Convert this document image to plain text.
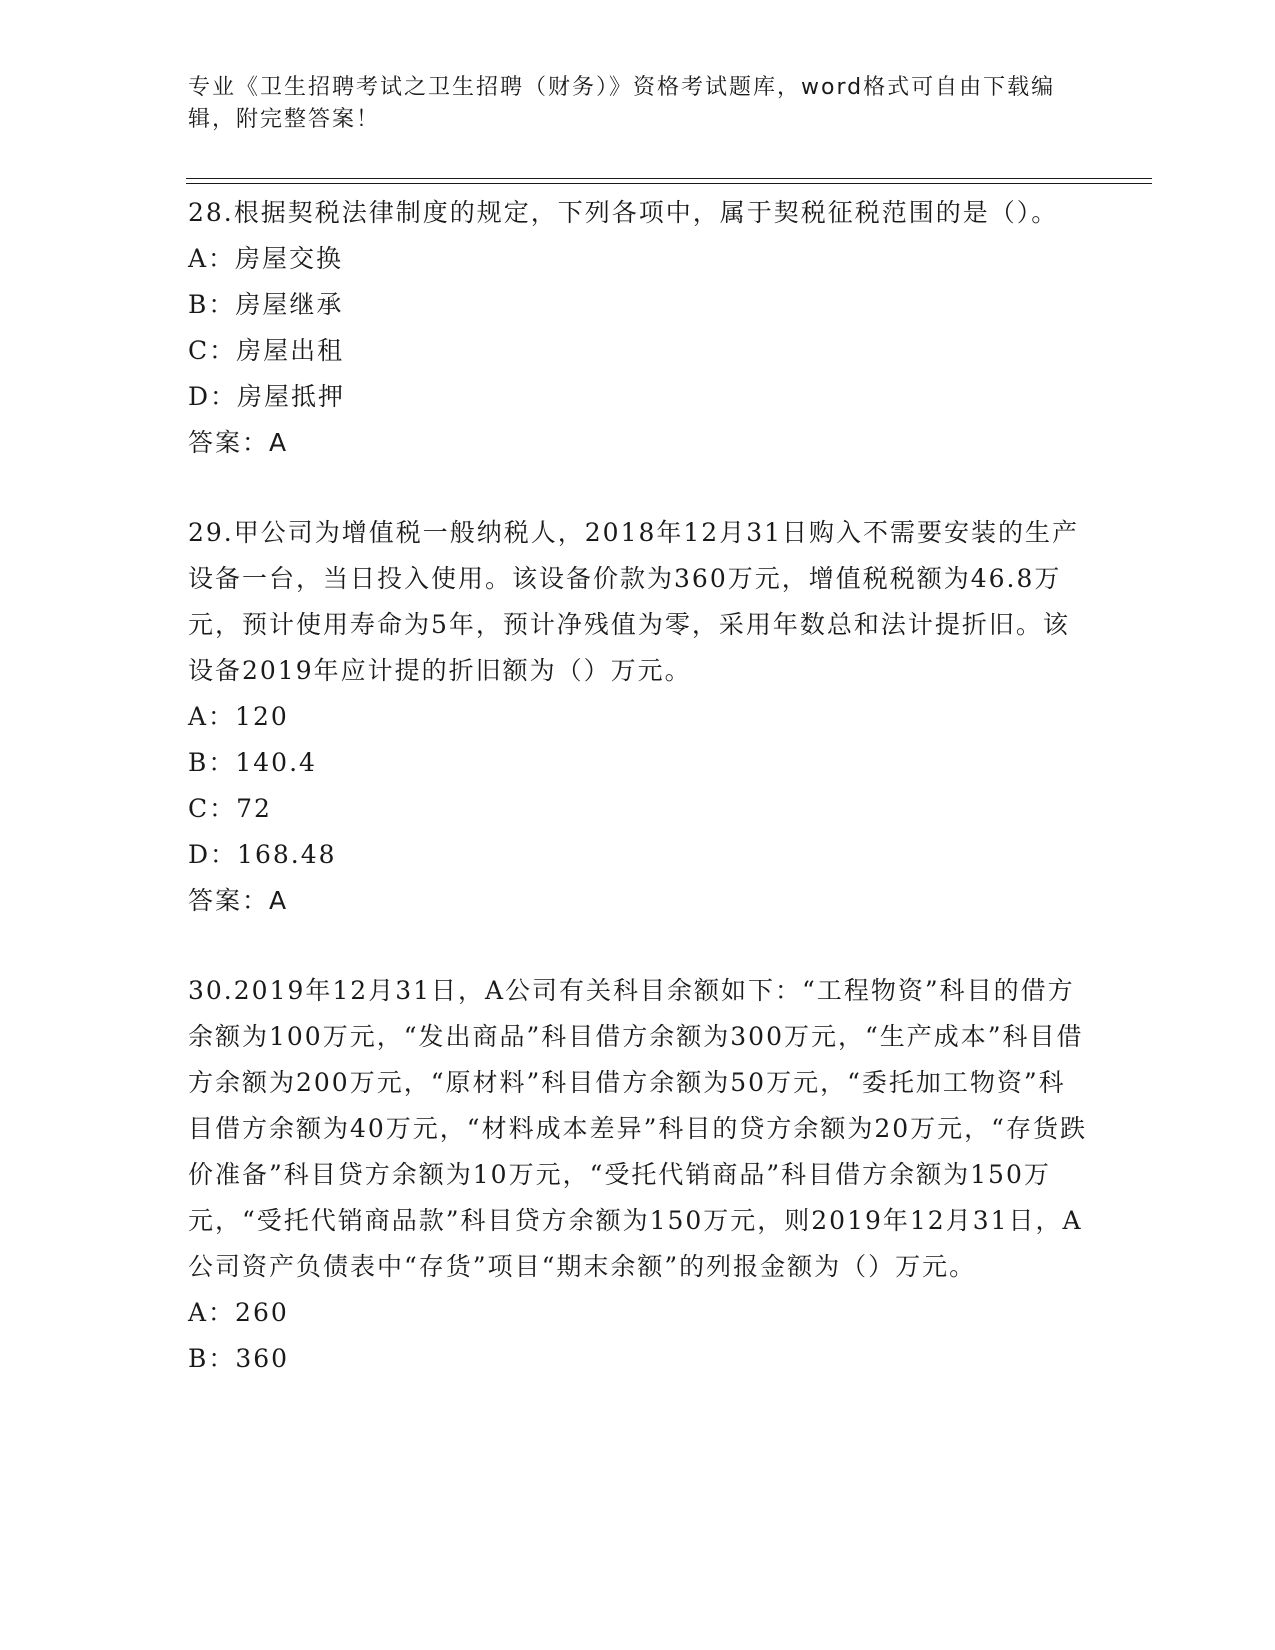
专业《卫生招聘考试之卫生招聘（财务）》资格考试题库，word格式可自由下载编辑，附完整答案！

28.根据契税法律制度的规定，下列各项中，属于契税征税范围的是（）。

A：房屋交换

B：房屋继承

C：房屋出租

D：房屋抵押

答案：A

29.甲公司为增值税一般纳税人，2018年12月31日购入不需要安装的生产设备一台，当日投入使用。该设备价款为360万元，增值税税额为46.8万元，预计使用寿命为5年，预计净残值为零，采用年数总和法计提折旧。该设备2019年应计提的折旧额为（）万元。

A：120

B：140.4

C：72

D：168.48

答案：A

30.2019年12月31日，A公司有关科目余额如下：“工程物资”科目的借方余额为100万元，“发出商品”科目借方余额为300万元，“生产成本”科目借方余额为200万元，“原材料”科目借方余额为50万元，“委托加工物资”科目借方余额为40万元，“材料成本差异”科目的贷方余额为20万元，“存货跌价准备”科目贷方余额为10万元，“受托代销商品”科目借方余额为150万元，“受托代销商品款”科目贷方余额为150万元，则2019年12月31日，A公司资产负债表中“存货”项目“期末余额”的列报金额为（）万元。

A：260

B：360
